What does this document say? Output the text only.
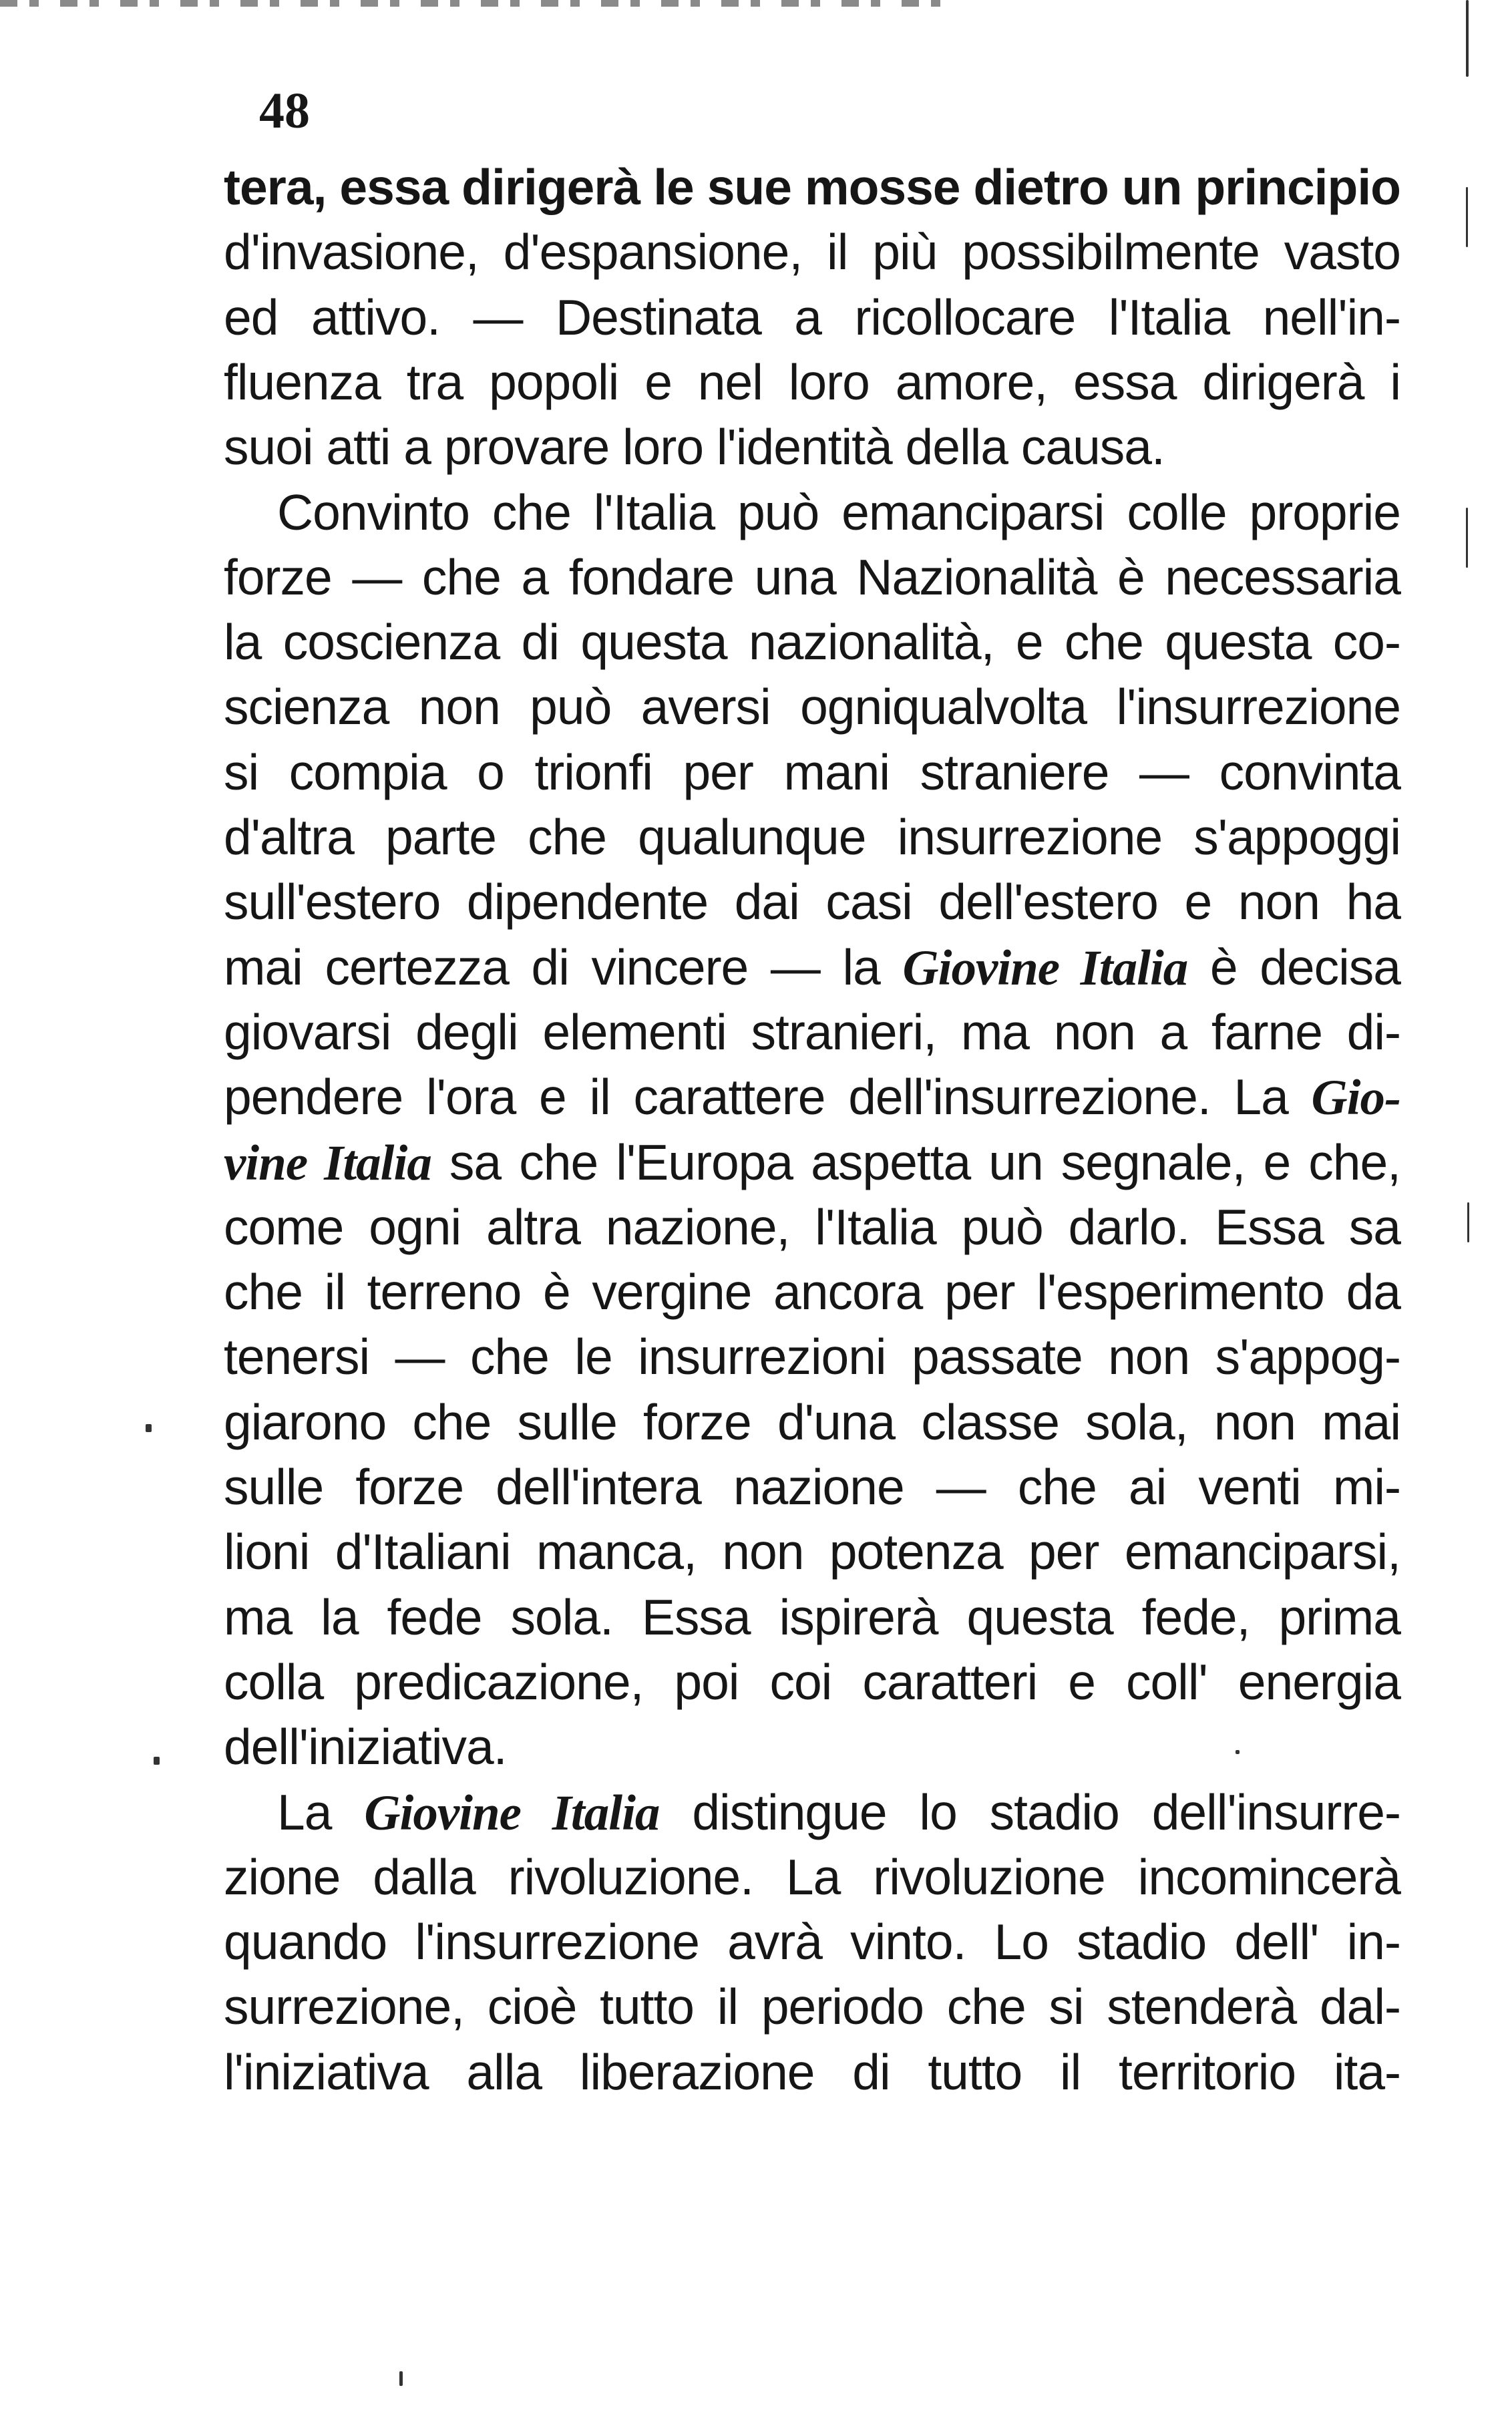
48
tera, essa dirigerà le sue mosse dietro un principio
d'invasione, d'espansione, il più possibilmente vasto
ed attivo. — Destinata a ricollocare l'Italia nell'in-
fluenza tra popoli e nel loro amore, essa dirigerà i
suoi atti a provare loro l'identità della causa.
Convinto che l'Italia può emanciparsi colle proprie
forze — che a fondare una Nazionalità è necessaria
la coscienza di questa nazionalità, e che questa co-
scienza non può aversi ogniqualvolta l'insurrezione
si compia o trionfi per mani straniere — convinta
d'altra parte che qualunque insurrezione s'appoggi
sull'estero dipendente dai casi dell'estero e non ha
mai certezza di vincere — la Giovine Italia è decisa
giovarsi degli elementi stranieri, ma non a farne di-
pendere l'ora e il carattere dell'insurrezione. La Gio-
vine Italia sa che l'Europa aspetta un segnale, e che,
come ogni altra nazione, l'Italia può darlo. Essa sa
che il terreno è vergine ancora per l'esperimento da
tenersi — che le insurrezioni passate non s'appog-
giarono che sulle forze d'una classe sola, non mai
sulle forze dell'intera nazione — che ai venti mi-
lioni d'Italiani manca, non potenza per emanciparsi,
ma la fede sola. Essa ispirerà questa fede, prima
colla predicazione, poi coi caratteri e coll' energia
dell'iniziativa.
La Giovine Italia distingue lo stadio dell'insurre-
zione dalla rivoluzione. La rivoluzione incomincerà
quando l'insurrezione avrà vinto. Lo stadio dell' in-
surrezione, cioè tutto il periodo che si stenderà dal-
l'iniziativa alla liberazione di tutto il territorio ita-
